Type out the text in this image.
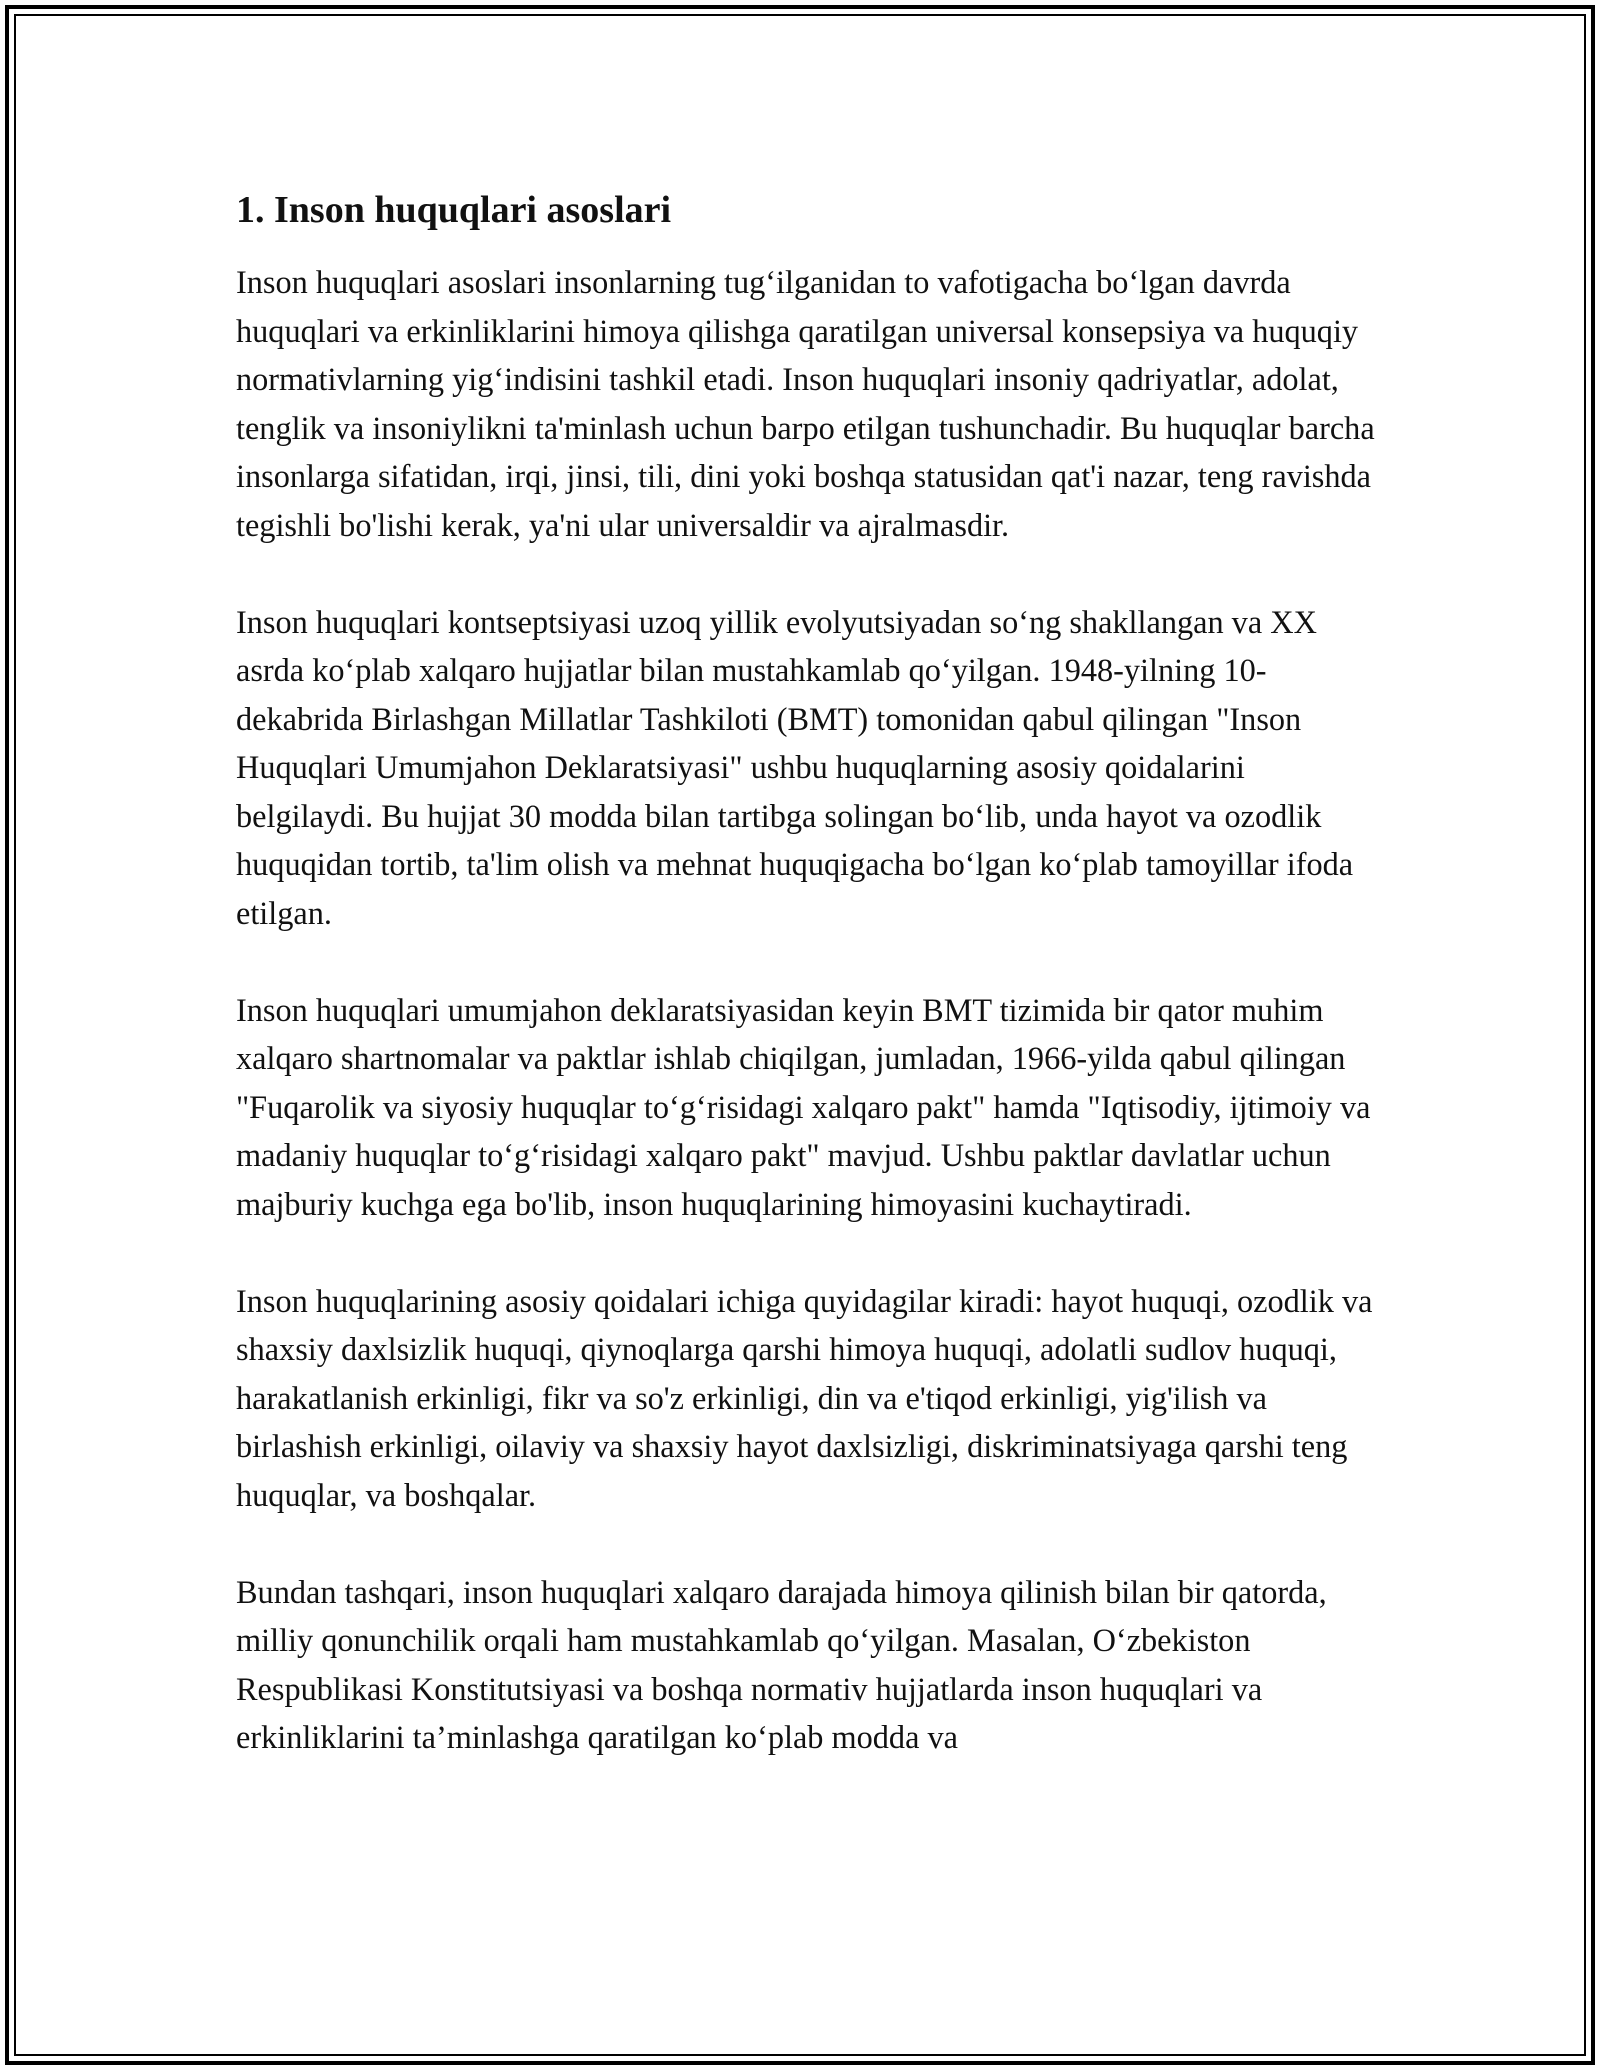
1. Inson huquqlari asoslari

Inson huquqlari asoslari insonlarning tug‘ilganidan to vafotigacha bo‘lgan davrda huquqlari va erkinliklarini himoya qilishga qaratilgan universal konsepsiya va huquqiy normativlarning yig‘indisini tashkil etadi. Inson huquqlari insoniy qadriyatlar, adolat, tenglik va insoniylikni ta'minlash uchun barpo etilgan tushunchadir. Bu huquqlar barcha insonlarga sifatidan, irqi, jinsi, tili, dini yoki boshqa statusidan qat'i nazar, teng ravishda tegishli bo'lishi kerak, ya'ni ular universaldir va ajralmasdir.

Inson huquqlari kontseptsiyasi uzoq yillik evolyutsiyadan so‘ng shakllangan va XX asrda ko‘plab xalqaro hujjatlar bilan mustahkamlab qo‘yilgan. 1948-yilning 10-dekabrida Birlashgan Millatlar Tashkiloti (BMT) tomonidan qabul qilingan "Inson Huquqlari Umumjahon Deklaratsiyasi" ushbu huquqlarning asosiy qoidalarini belgilaydi. Bu hujjat 30 modda bilan tartibga solingan bo‘lib, unda hayot va ozodlik huquqidan tortib, ta'lim olish va mehnat huquqigacha bo‘lgan ko‘plab tamoyillar ifoda etilgan.

Inson huquqlari umumjahon deklaratsiyasidan keyin BMT tizimida bir qator muhim xalqaro shartnomalar va paktlar ishlab chiqilgan, jumladan, 1966-yilda qabul qilingan "Fuqarolik va siyosiy huquqlar to‘g‘risidagi xalqaro pakt" hamda "Iqtisodiy, ijtimoiy va madaniy huquqlar to‘g‘risidagi xalqaro pakt" mavjud. Ushbu paktlar davlatlar uchun majburiy kuchga ega bo'lib, inson huquqlarining himoyasini kuchaytiradi.

Inson huquqlarining asosiy qoidalari ichiga quyidagilar kiradi: hayot huquqi, ozodlik va shaxsiy daxlsizlik huquqi, qiynoqlarga qarshi himoya huquqi, adolatli sudlov huquqi, harakatlanish erkinligi, fikr va so'z erkinligi, din va e'tiqod erkinligi, yig'ilish va birlashish erkinligi, oilaviy va shaxsiy hayot daxlsizligi, diskriminatsiyaga qarshi teng huquqlar, va boshqalar.

Bundan tashqari, inson huquqlari xalqaro darajada himoya qilinish bilan bir qatorda, milliy qonunchilik orqali ham mustahkamlab qo‘yilgan. Masalan, O‘zbekiston Respublikasi Konstitutsiyasi va boshqa normativ hujjatlarda inson huquqlari va erkinliklarini ta’minlashga qaratilgan ko‘plab modda va
